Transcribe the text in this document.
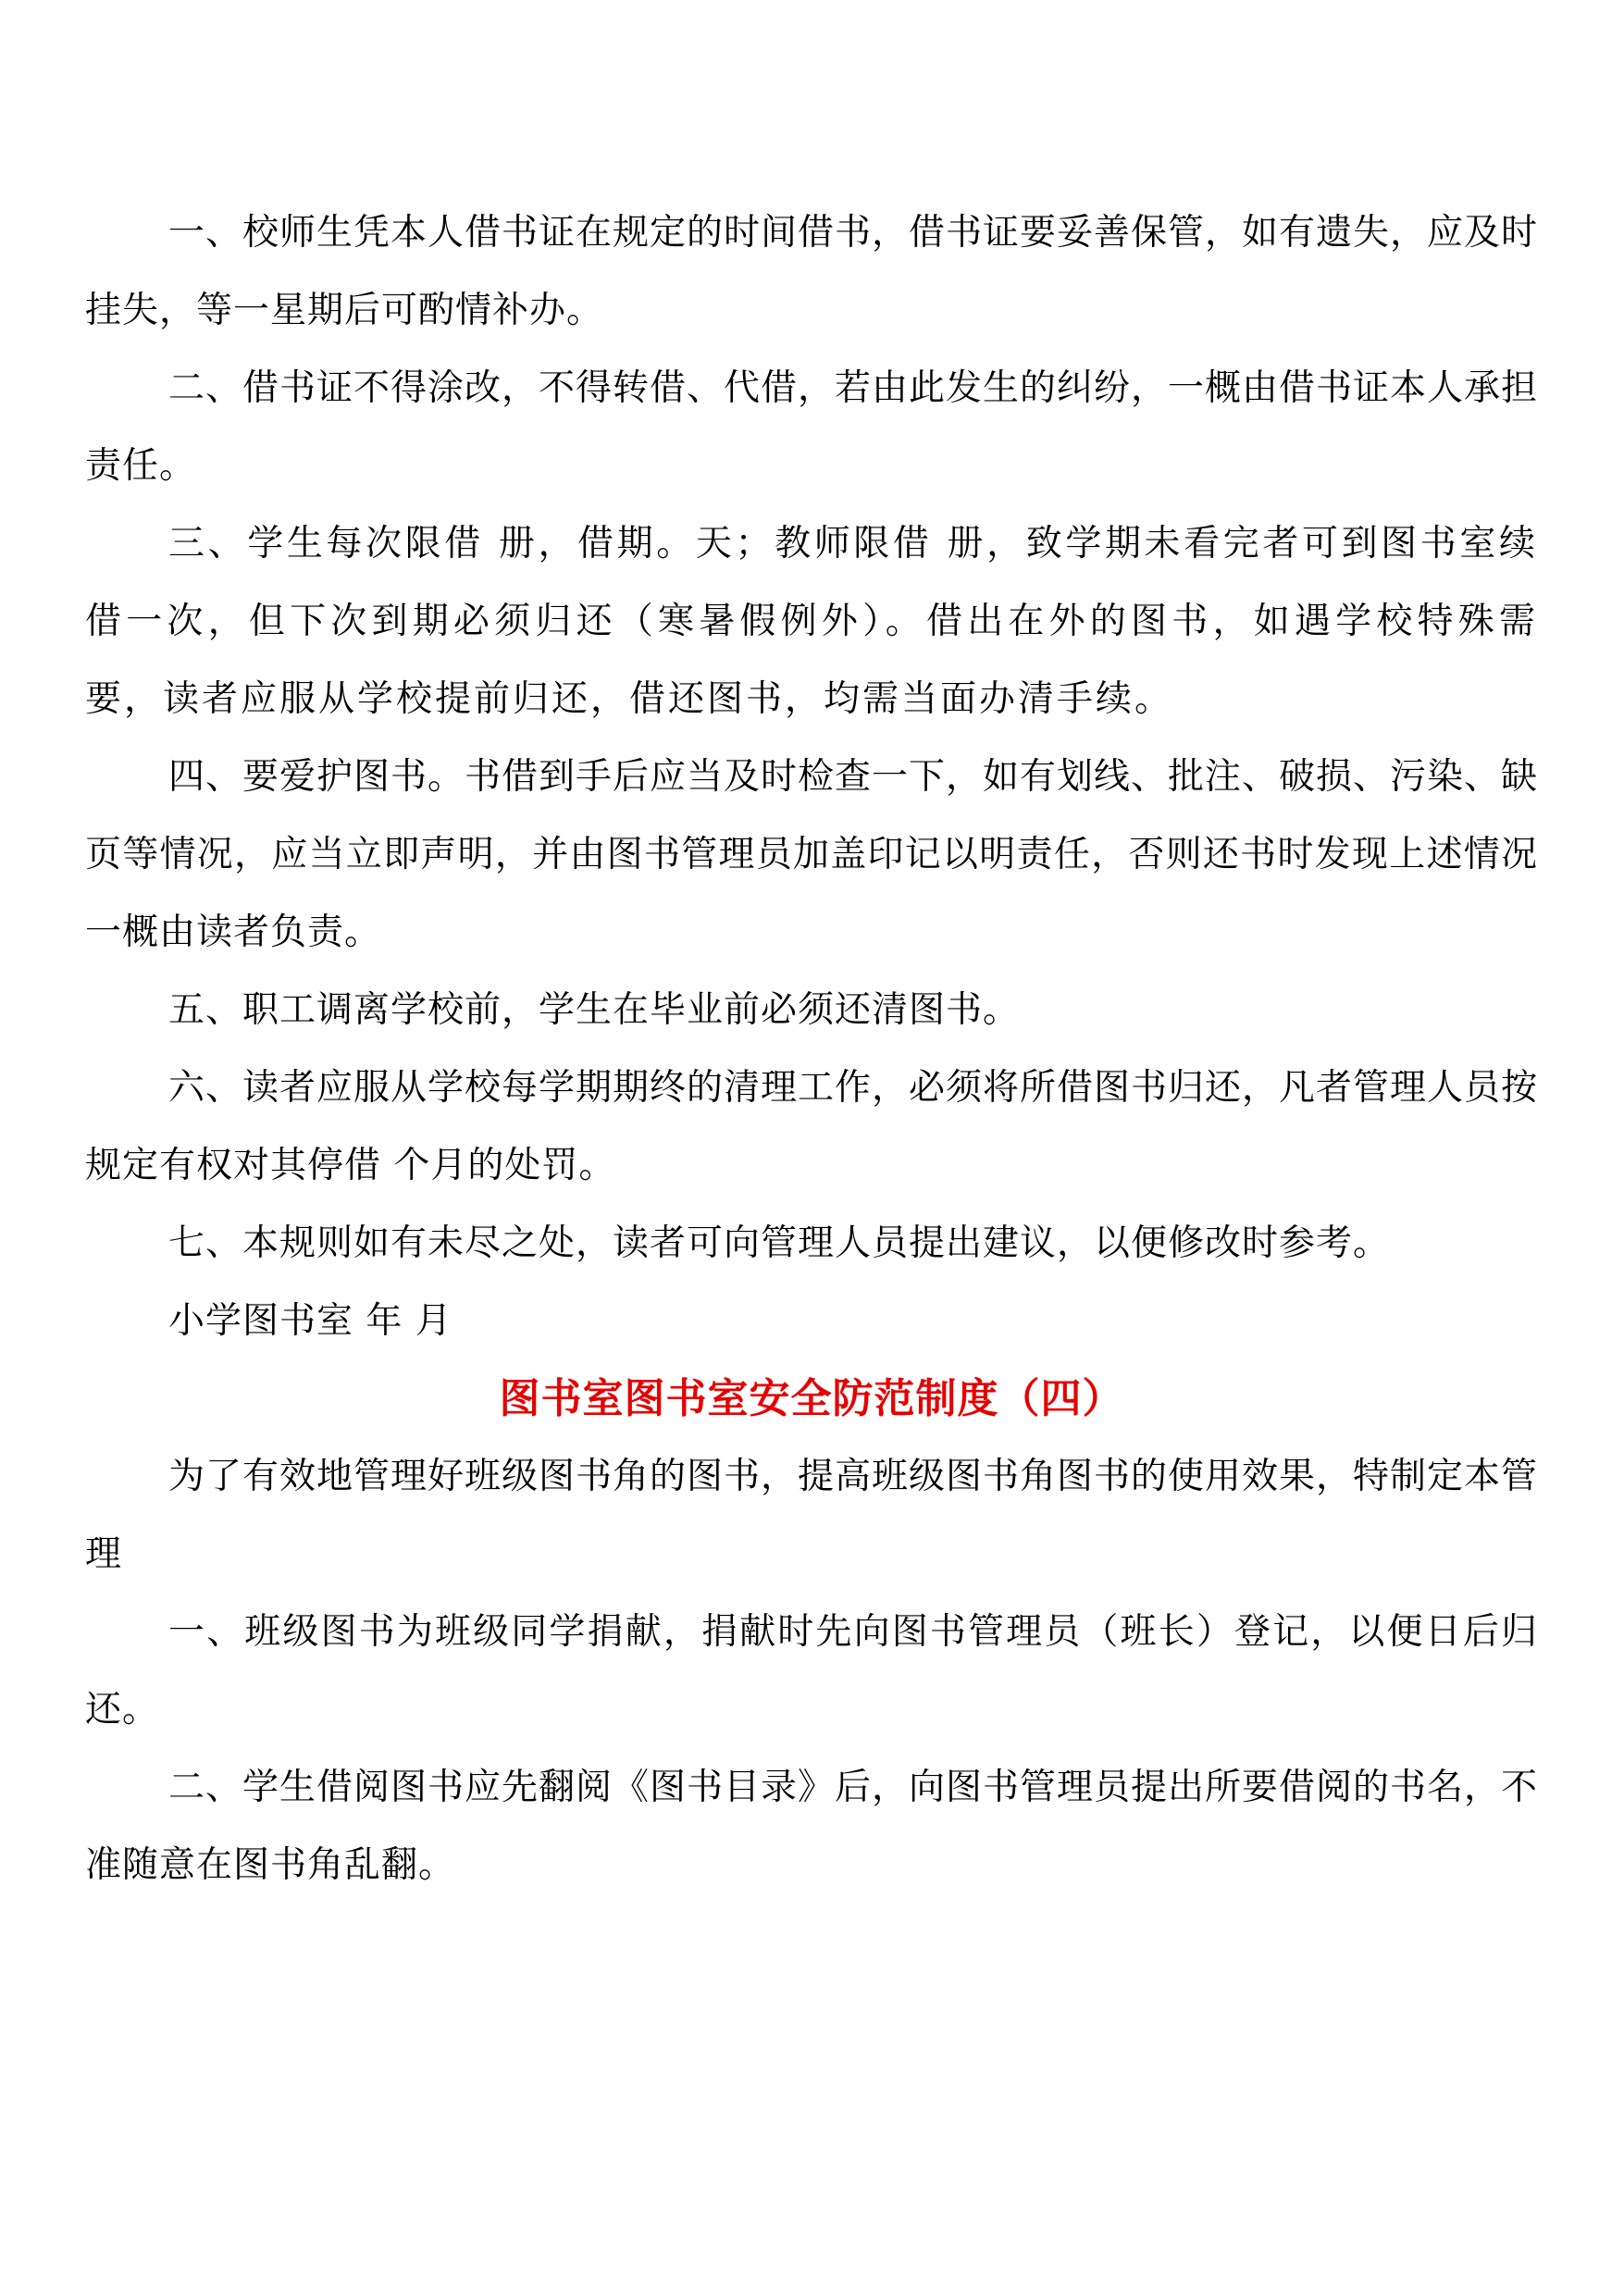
一、校师生凭本人借书证在规定的时间借书，借书证要妥善保管，如有遗失，应及时挂失，等一星期后可酌情补办。

二、借书证不得涂改，不得转借、代借，若由此发生的纠纷，一概由借书证本人承担责任。

三、学生每次限借 册，借期。天；教师限借 册，致学期未看完者可到图书室续借一次，但下次到期必须归还（寒暑假例外）。借出在外的图书，如遇学校特殊需要，读者应服从学校提前归还，借还图书，均需当面办清手续。

四、要爱护图书。书借到手后应当及时检查一下，如有划线、批注、破损、污染、缺页等情况，应当立即声明，并由图书管理员加盖印记以明责任，否则还书时发现上述情况一概由读者负责。

五、职工调离学校前，学生在毕业前必须还清图书。

六、读者应服从学校每学期期终的清理工作，必须将所借图书归还，凡者管理人员按规定有权对其停借 个月的处罚。

七、本规则如有未尽之处，读者可向管理人员提出建议，以便修改时参考。

小学图书室 年 月

图书室图书室安全防范制度（四）

为了有效地管理好班级图书角的图书，提高班级图书角图书的使用效果，特制定本管理

一、班级图书为班级同学捐献，捐献时先向图书管理员（班长）登记，以便日后归还。

二、学生借阅图书应先翻阅《图书目录》后，向图书管理员提出所要借阅的书名，不准随意在图书角乱翻。
